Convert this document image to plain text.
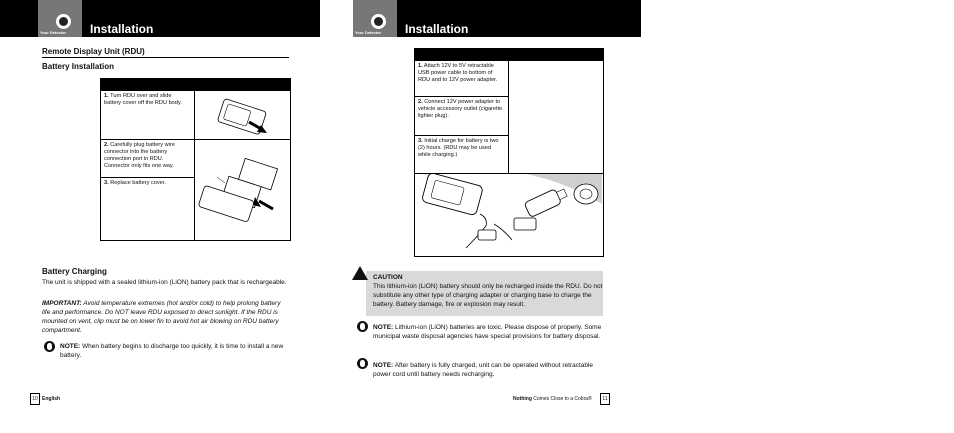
Your Detector Installation
Remote Display Unit (RDU)
Battery Installation
1. Turn RDU over and slide battery cover off the RDU body.
2. Carefully plug battery wire connector into the battery connection port in RDU. Connector only fits one way.
3. Replace battery cover.
Battery Charging
The unit is shipped with a sealed lithium-ion (LiON) battery pack that is rechargeable.
IMPORTANT: Avoid temperature extremes (hot and/or cold) to help prolong battery life and performance. Do NOT leave RDU exposed to direct sunlight. If the RDU is mounted on vent, clip must be on lower fin to avoid hot air blowing on RDU battery compartment.
NOTE: When battery begins to discharge too quickly, it is time to install a new battery.
10 English
Your Detector Installation
1. Attach 12V to 5V retractable USB power cable to bottom of RDU and to 12V power adapter.
2. Connect 12V power adapter to vehicle accessory outlet (cigarette lighter plug).
3. Initial charge for battery is two (2) hours. (RDU may be used while charging.)
CAUTION
This lithium-ion (LiON) battery should only be recharged inside the RDU. Do not substitute any other type of charging adapter or charging base to charge the battery. Battery damage, fire or explosion may result.
NOTE: Lithium-ion (LiON) batteries are toxic. Please dispose of properly. Some municipal waste disposal agencies have special provisions for battery disposal.
NOTE: After battery is fully charged, unit can be operated without retractable power cord until battery needs recharging.
Nothing Comes Close to a Cobra®	11
